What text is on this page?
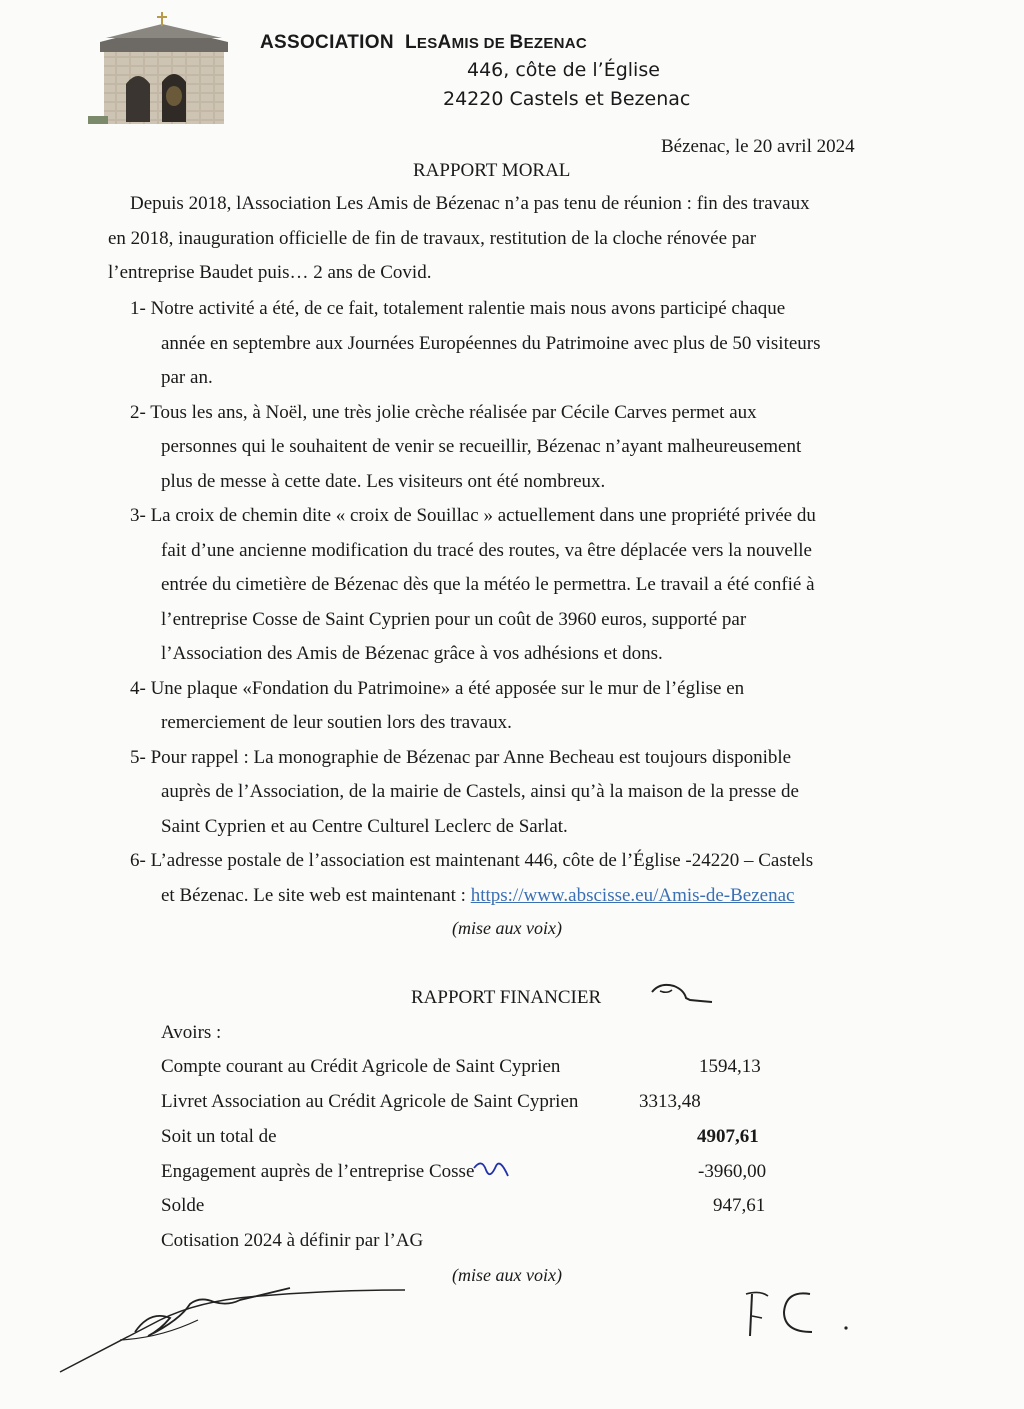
ASSOCIATION LESAMIS DE BEZENAC
446, côte de l’Église
24220 Castels et Bezenac
Bézenac, le 20 avril 2024
RAPPORT MORAL
Depuis 2018, lAssociation Les Amis de Bézenac n’a pas tenu de réunion : fin des travaux
en 2018, inauguration officielle de fin de travaux, restitution de la cloche rénovée par
l’entreprise Baudet puis… 2 ans de Covid.
1- Notre activité a été, de ce fait, totalement ralentie mais nous avons participé chaque
année en septembre aux Journées Européennes du Patrimoine avec plus de 50 visiteurs
par an.
2- Tous les ans, à Noël, une très jolie crèche réalisée par Cécile Carves permet aux
personnes qui le souhaitent de venir se recueillir, Bézenac n’ayant malheureusement
plus de messe à cette date. Les visiteurs ont été nombreux.
3- La croix de chemin dite « croix de Souillac » actuellement dans une propriété privée du
fait d’une ancienne modification du tracé des routes, va être déplacée vers la nouvelle
entrée du cimetière de Bézenac dès que la météo le permettra. Le travail a été confié à
l’entreprise Cosse de Saint Cyprien pour un coût de 3960 euros, supporté par
l’Association des Amis de Bézenac grâce à vos adhésions et dons.
4- Une plaque «Fondation du Patrimoine» a été apposée sur le mur de l’église en
remerciement de leur soutien lors des travaux.
5- Pour rappel : La monographie de Bézenac par Anne Becheau est toujours disponible
auprès de l’Association, de la mairie de Castels, ainsi qu’à la maison de la presse de
Saint Cyprien et au Centre Culturel Leclerc de Sarlat.
6- L’adresse postale de l’association est maintenant 446, côte de l’Église -24220 – Castels
et Bézenac. Le site web est maintenant : https://www.abscisse.eu/Amis-de-Bezenac
(mise aux voix)
RAPPORT FINANCIER
Avoirs :
Compte courant au Crédit Agricole de Saint Cyprien	1594,13
Livret Association au Crédit Agricole de Saint Cyprien	3313,48
Soit un total de	4907,61
Engagement auprès de l’entreprise Cosse	-3960,00
Solde	947,61
Cotisation 2024 à définir par l’AG
(mise aux voix)
